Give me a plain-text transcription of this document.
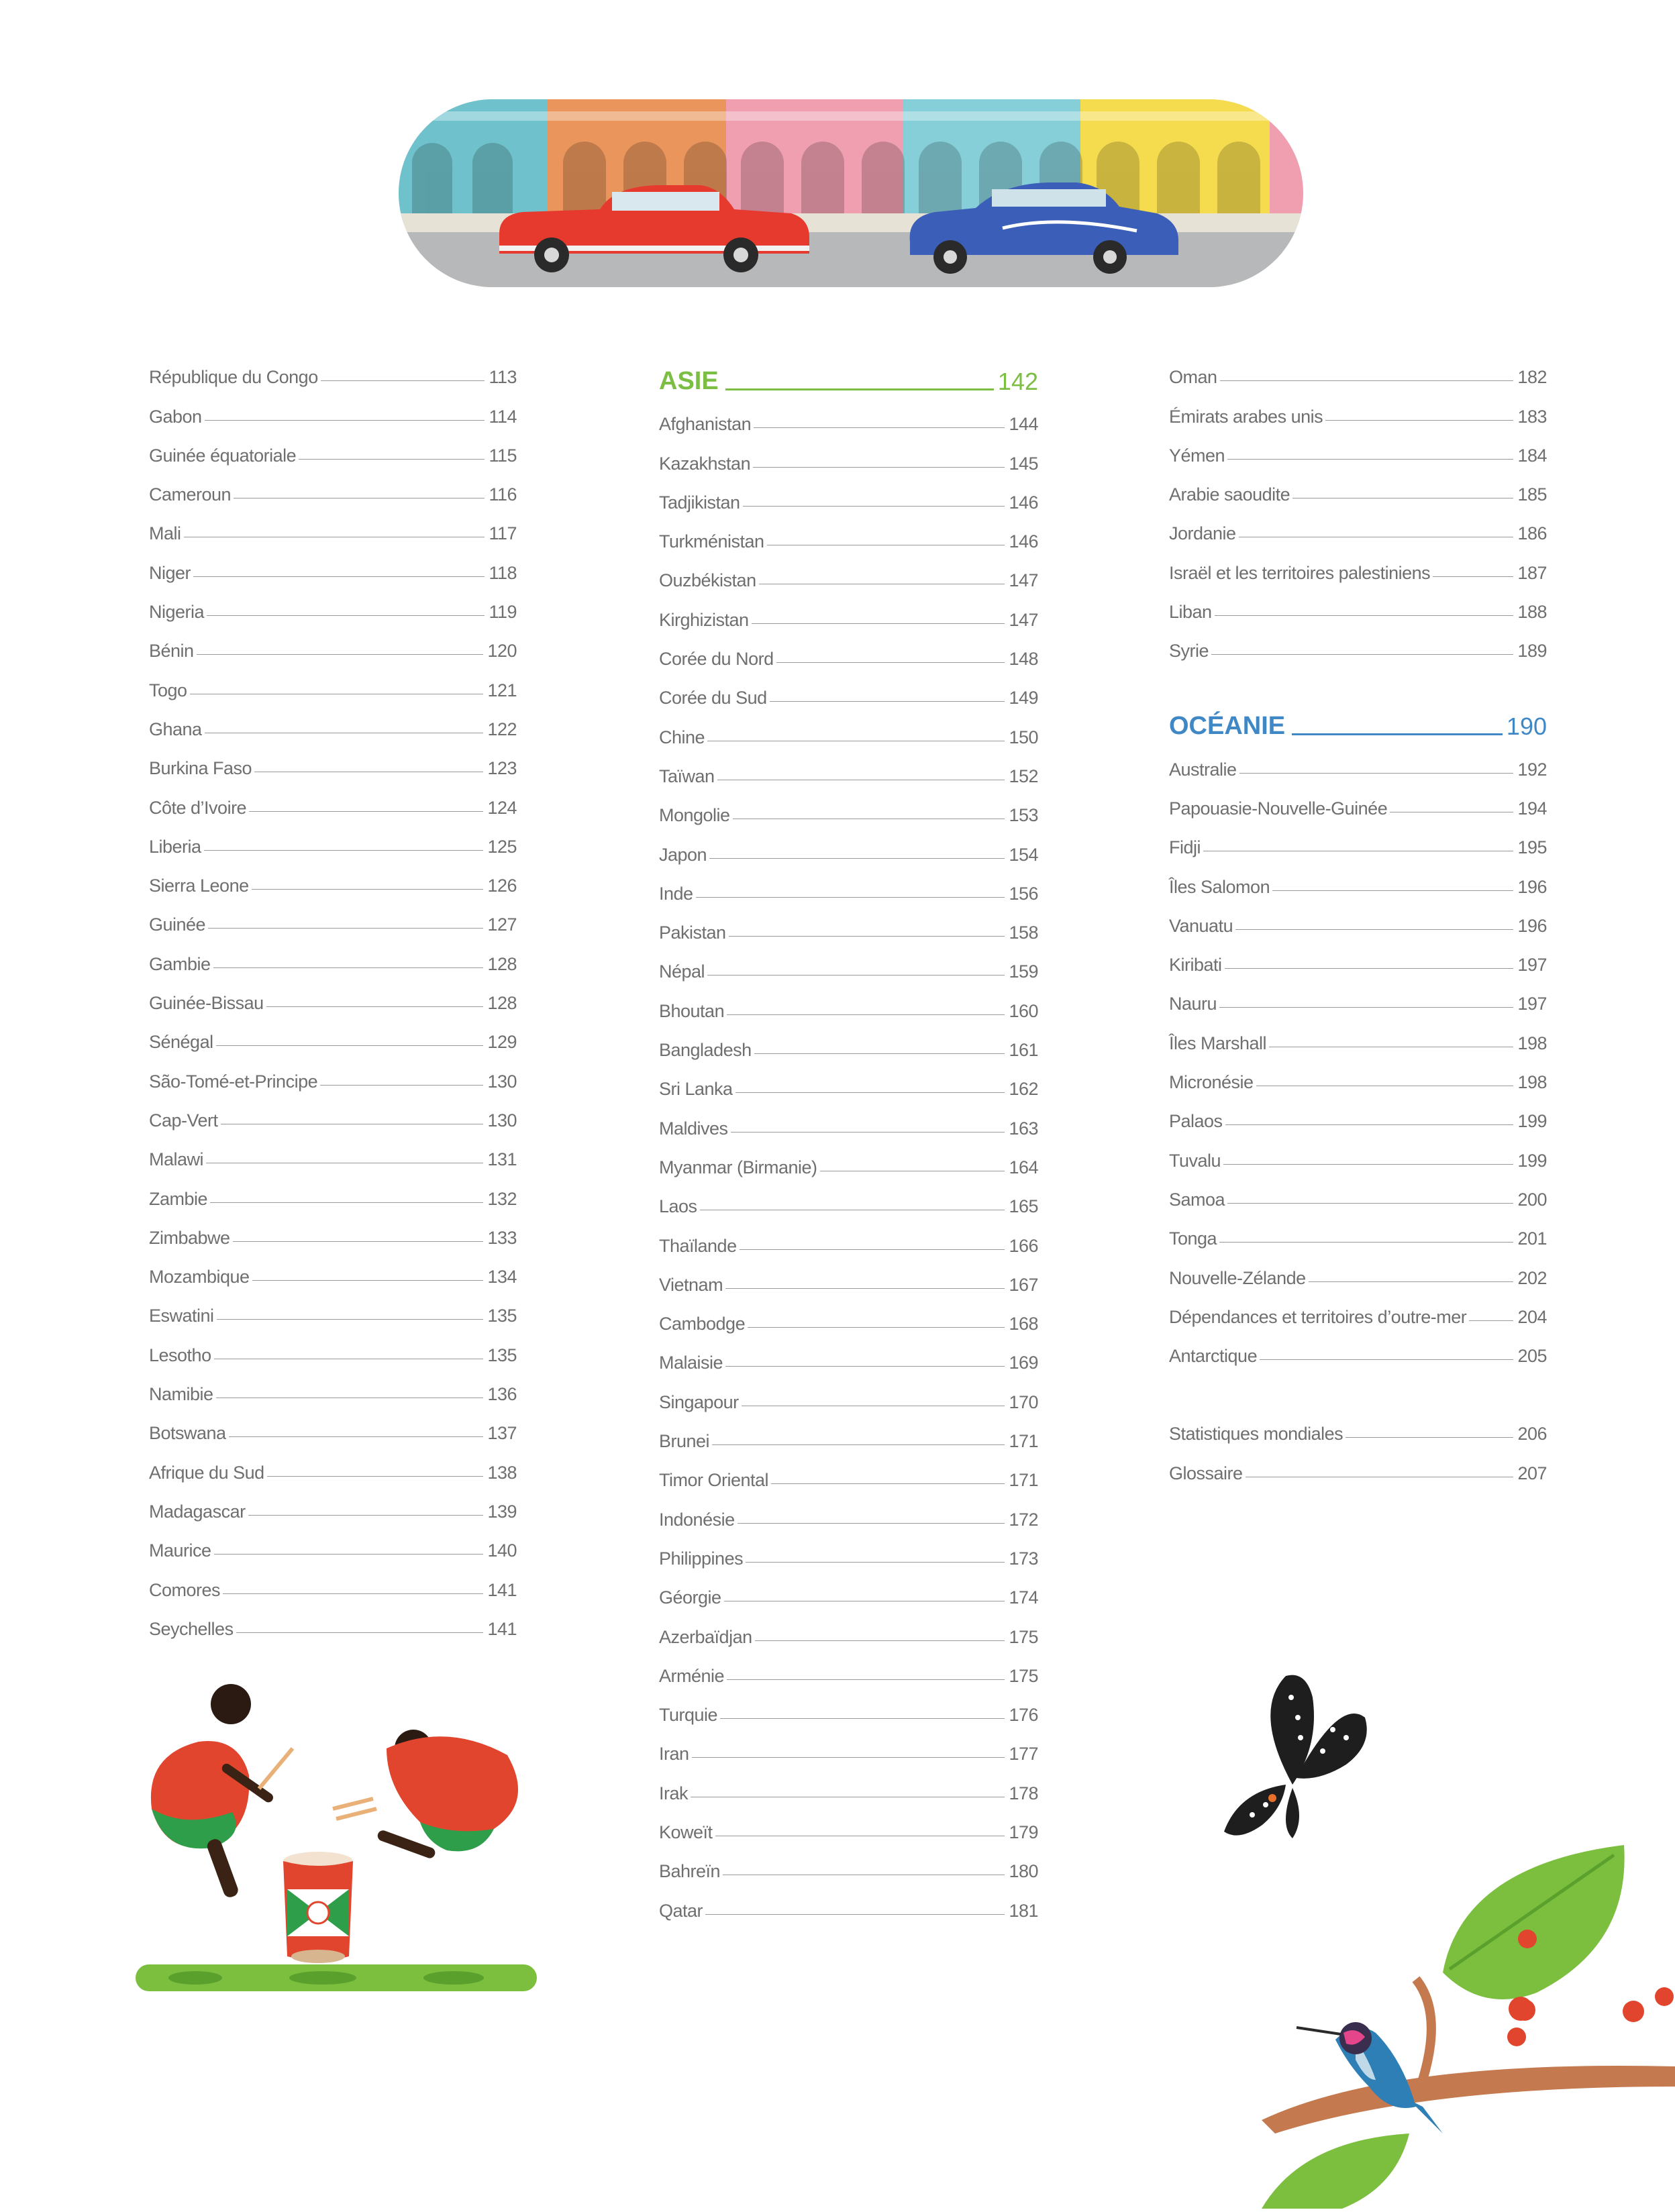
République du Congo	113
Gabon	114
Guinée équatoriale	115
Cameroun	116
Mali	117
Niger	118
Nigeria	119
Bénin	120
Togo	121
Ghana	122
Burkina Faso	123
Côte d’Ivoire	124
Liberia	125
Sierra Leone	126
Guinée	127
Gambie	128
Guinée-Bissau	128
Sénégal	129
São-Tomé-et-Principe	130
Cap-Vert	130
Malawi	131
Zambie	132
Zimbabwe	133
Mozambique	134
Eswatini	135
Lesotho	135
Namibie	136
Botswana	137
Afrique du Sud	138
Madagascar	139
Maurice	140
Comores	141
Seychelles	141
ASIE	142
Afghanistan	144
Kazakhstan	145
Tadjikistan	146
Turkménistan	146
Ouzbékistan	147
Kirghizistan	147
Corée du Nord	148
Corée du Sud	149
Chine	150
Taïwan	152
Mongolie	153
Japon	154
Inde	156
Pakistan	158
Népal	159
Bhoutan	160
Bangladesh	161
Sri Lanka	162
Maldives	163
Myanmar (Birmanie)	164
Laos	165
Thaïlande	166
Vietnam	167
Cambodge	168
Malaisie	169
Singapour	170
Brunei	171
Timor Oriental	171
Indonésie	172
Philippines	173
Géorgie	174
Azerbaïdjan	175
Arménie	175
Turquie	176
Iran	177
Irak	178
Koweït	179
Bahreïn	180
Qatar	181
Oman	182
Émirats arabes unis	183
Yémen	184
Arabie saoudite	185
Jordanie	186
Israël et les territoires palestiniens	187
Liban	188
Syrie	189
OCÉANIE	190
Australie	192
Papouasie-Nouvelle-Guinée	194
Fidji	195
Îles Salomon	196
Vanuatu	196
Kiribati	197
Nauru	197
Îles Marshall	198
Micronésie	198
Palaos	199
Tuvalu	199
Samoa	200
Tonga	201
Nouvelle-Zélande	202
Dépendances et territoires d’outre-mer	204
Antarctique	205
Statistiques mondiales	206
Glossaire	207
